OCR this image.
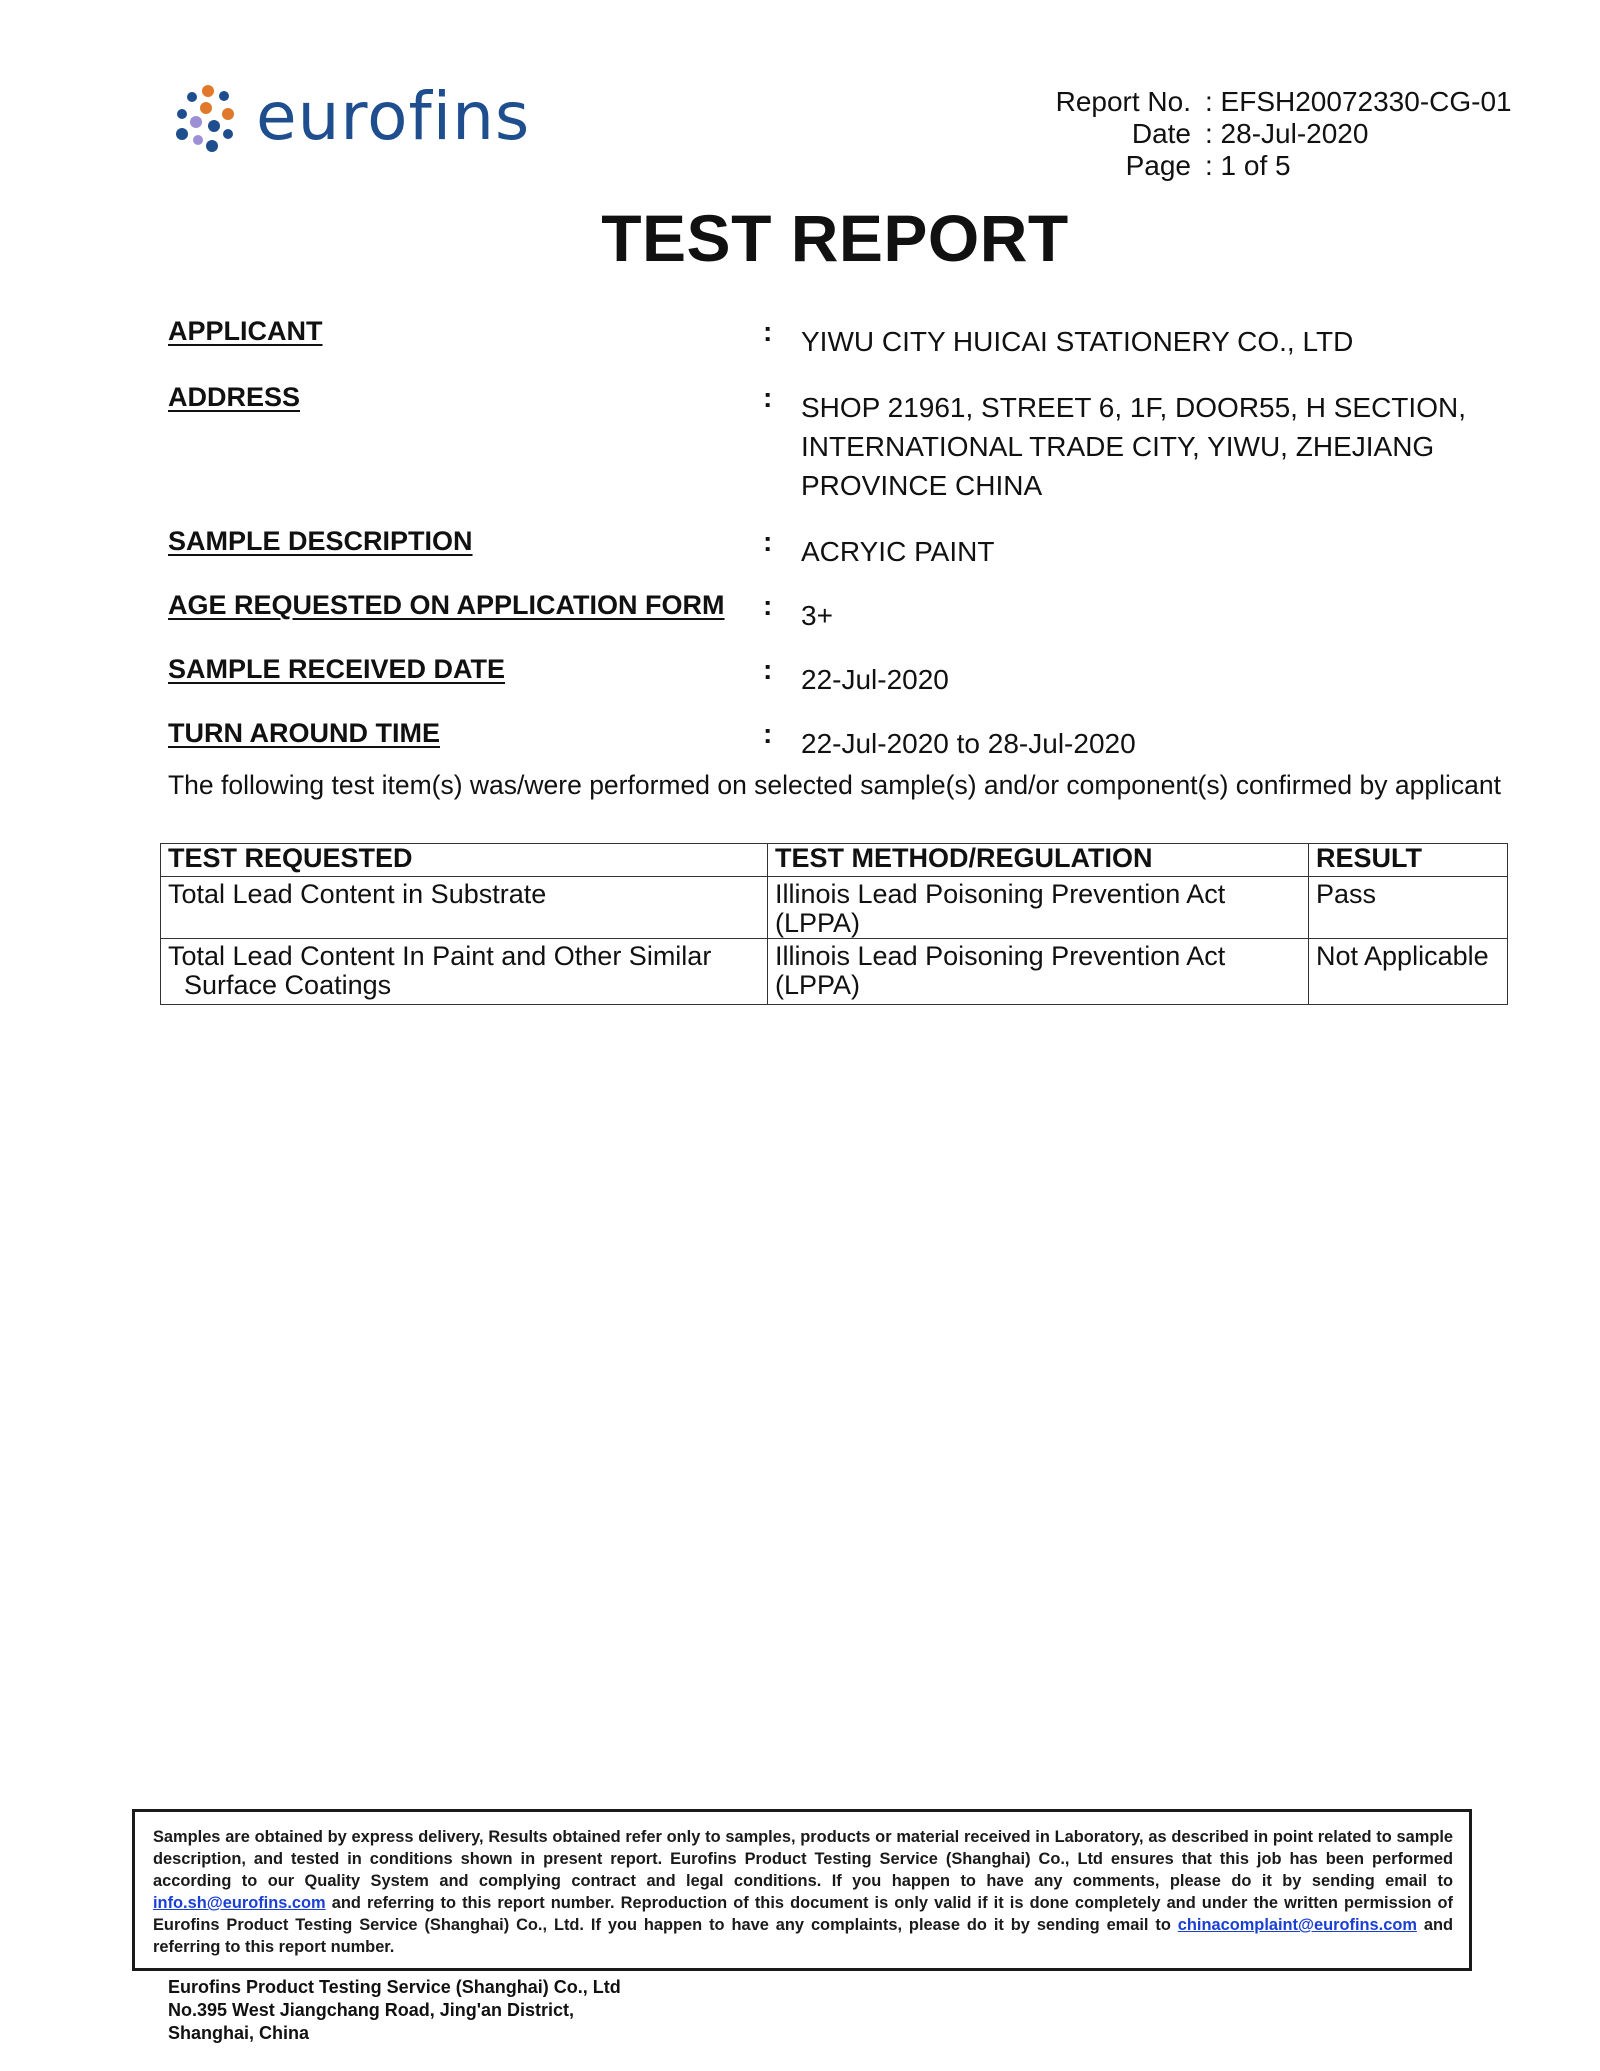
eurofins	Report No. : EFSH20072330-CG-01
Date : 28-Jul-2020
Page : 1 of 5
TEST REPORT
APPLICANT	: YIWU CITY HUICAI STATIONERY CO., LTD
ADDRESS	: SHOP 21961, STREET 6, 1F, DOOR55, H SECTION,
INTERNATIONAL TRADE CITY, YIWU, ZHEJIANG
PROVINCE CHINA
SAMPLE DESCRIPTION	: ACRYIC PAINT
AGE REQUESTED ON APPLICATION FORM : 3+
SAMPLE RECEIVED DATE	: 22-Jul-2020
TURN AROUND TIME	: 22-Jul-2020 to 28-Jul-2020
The following test item(s) was/were performed on selected sample(s) and/or component(s) confirmed by applicant
TEST REQUESTED	TEST METHOD/REGULATION	RESULT
Total Lead Content in Substrate	Illinois Lead Poisoning Prevention Act (LPPA)	Pass

Total Lead Content In Paint and Other Similar
Surface Coatings	Illinois Lead Poisoning Prevention Act (LPPA)	Not Applicable
Samples are obtained by express delivery, Results obtained refer only to samples, products or material received in Laboratory, as described in point related to sample description, and tested in conditions shown in present report. Eurofins Product Testing Service (Shanghai) Co., Ltd ensures that this job has been performed according to our Quality System and complying contract and legal conditions. If you happen to have any comments, please do it by sending email to info.sh@eurofins.com and referring to this report number. Reproduction of this document is only valid if it is done completely and under the written permission of Eurofins Product Testing Service (Shanghai) Co., Ltd. If you happen to have any complaints, please do it by sending email to chinacomplaint@eurofins.com and referring to this report number.
Eurofins Product Testing Service (Shanghai) Co., Ltd
No.395 West Jiangchang Road, Jing'an District,
Shanghai, China
